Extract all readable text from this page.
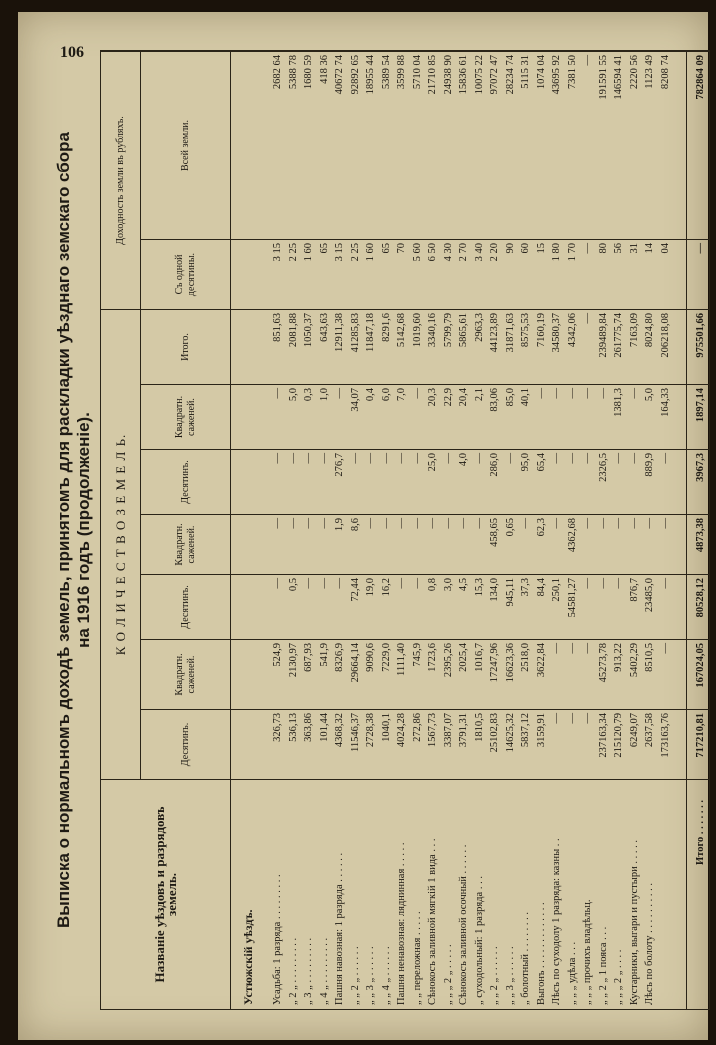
106
Выписка о нормальномъ доходѣ земель, принятомъ для раскладки уѣзднаго земскаго сбора на 1916 годъ (продолженіе).
Названіе уѣздовъ и разрядовъ земель.
К О Л И Ч Е С Т В О З Е М Е Л Ь.
Доходность земли въ рубляхъ.
Десятинъ.
Квадратн. саженей.
Десятинъ.
Квадратн. саженей.
Десятинъ.
Квадратн. саженей.
Итого.
Съ одной десятины.
Всей земли.
Устюжскій уѣздъ. Усадьба: 1 разряда . . . . . . . . . „ 2 „ . . . . . . . . . „ 3 „ . . . . . . . . . „ 4 „ . . . . . . . . . Пашня навозная: 1 разряда . . . . . . „ „ 2 „ . . . . . . „ „ 3 „ . . . . . . „ „ 4 „ . . . . . . Пашня ненавозная: ляднинная . . . . . „ „ переложная . . . . . Сѣнокосъ заливной мягкій 1 вида . . . „ „ „ 2 „ . . . . . Сѣнокосъ заливной осочный . . . . . . „ суходольный: 1 разряда . . . „ „ 2 „ . . . . . . „ „ 3 „ . . . . . . „ болотный . . . . . . . . Выгонъ . . . . . . . . . . . . . Лѣсъ по суходолу 1 разряда: казны . . „ „ „ удѣла . . . „ „ „ прочихъ владѣльц. „ „ 2 „ 1 пояса . . . „ „ „ 2 „ . . . . Кустарники, выгари и пустыри . . . . . Лѣсъ по болоту . . . . . . . . . .
Итого . . . . . . .
326,73 536,13 363,86 101,44 4368,32 11546,37 2728,38 1040,1 4024,28 272,86 1567,73 3387,07 3791,31 1810,5 25102,83 14625,32 5837,12 3159,91 — — — 237163,34 215120,79 6249,07 2637,58 173163,76 717210,81
524,9 2130,97 687,93 541,9 8326,9 29664,14 9090,6 7229,0 1111,40 745,9 1723,6 2395,26 2025,4 1016,7 17247,96 16623,36 2518,0 3622,84 — — — 45273,78 913,22 5402,29 8510,5 — 167024,05
— 0,5 — — — 72,44 19,0 16,2 — — 0,8 3,0 4,5 15,3 134,0 945,11 37,3 84,4 250,1 54581,27 — — — 876,7 23485,0 — 80528,12
— — — — 1,9 8,6 — — — — — — — — 458,65 0,65 — 62,3 — 4362,68 — — — — — — 4873,38
— — — — 276,7 — — — — — 25,0 — 4,0 — 286,0 — 95,0 65,4 — — — 2326,5 — — 889,9 — 3967,3
— 5,0 0,3 1,0 — 34,07 0,4 6,0 7,0 — 20,3 22,9 20,4 2,1 83,06 85,0 40,1 — — — — — 1381,3 — 5,0 164,33 1897,14
851,63 2081,88 1050,37 643,63 12911,38 41285,83 11847,18 8291,6 5142,68 1019,60 3340,16 5799,79 5865,61 2963,3 44123,89 31871,63 8575,53 7160,19 34580,37 4342,06 — 239489,84 261775,74 7163,09 8024,80 206218,08 975501,66
3 15 2 25 1 60 65 3 15 2 25 1 60 65 70 5 60 6 50 4 30 2 70 3 40 2 20 90 60 15 1 80 1 70 — 80 56 31 14 04 —
2682 64 5388 78 1680 59 418 36 40672 74 92892 65 18955 44 5389 54 3599 88 5710 04 21710 85 24938 90 15836 61 10075 22 97072 47 28234 74 5115 31 1074 04 43695 92 7381 50 — 191591 55 146594 41 2220 56 1123 49 8208 74 782864 09
